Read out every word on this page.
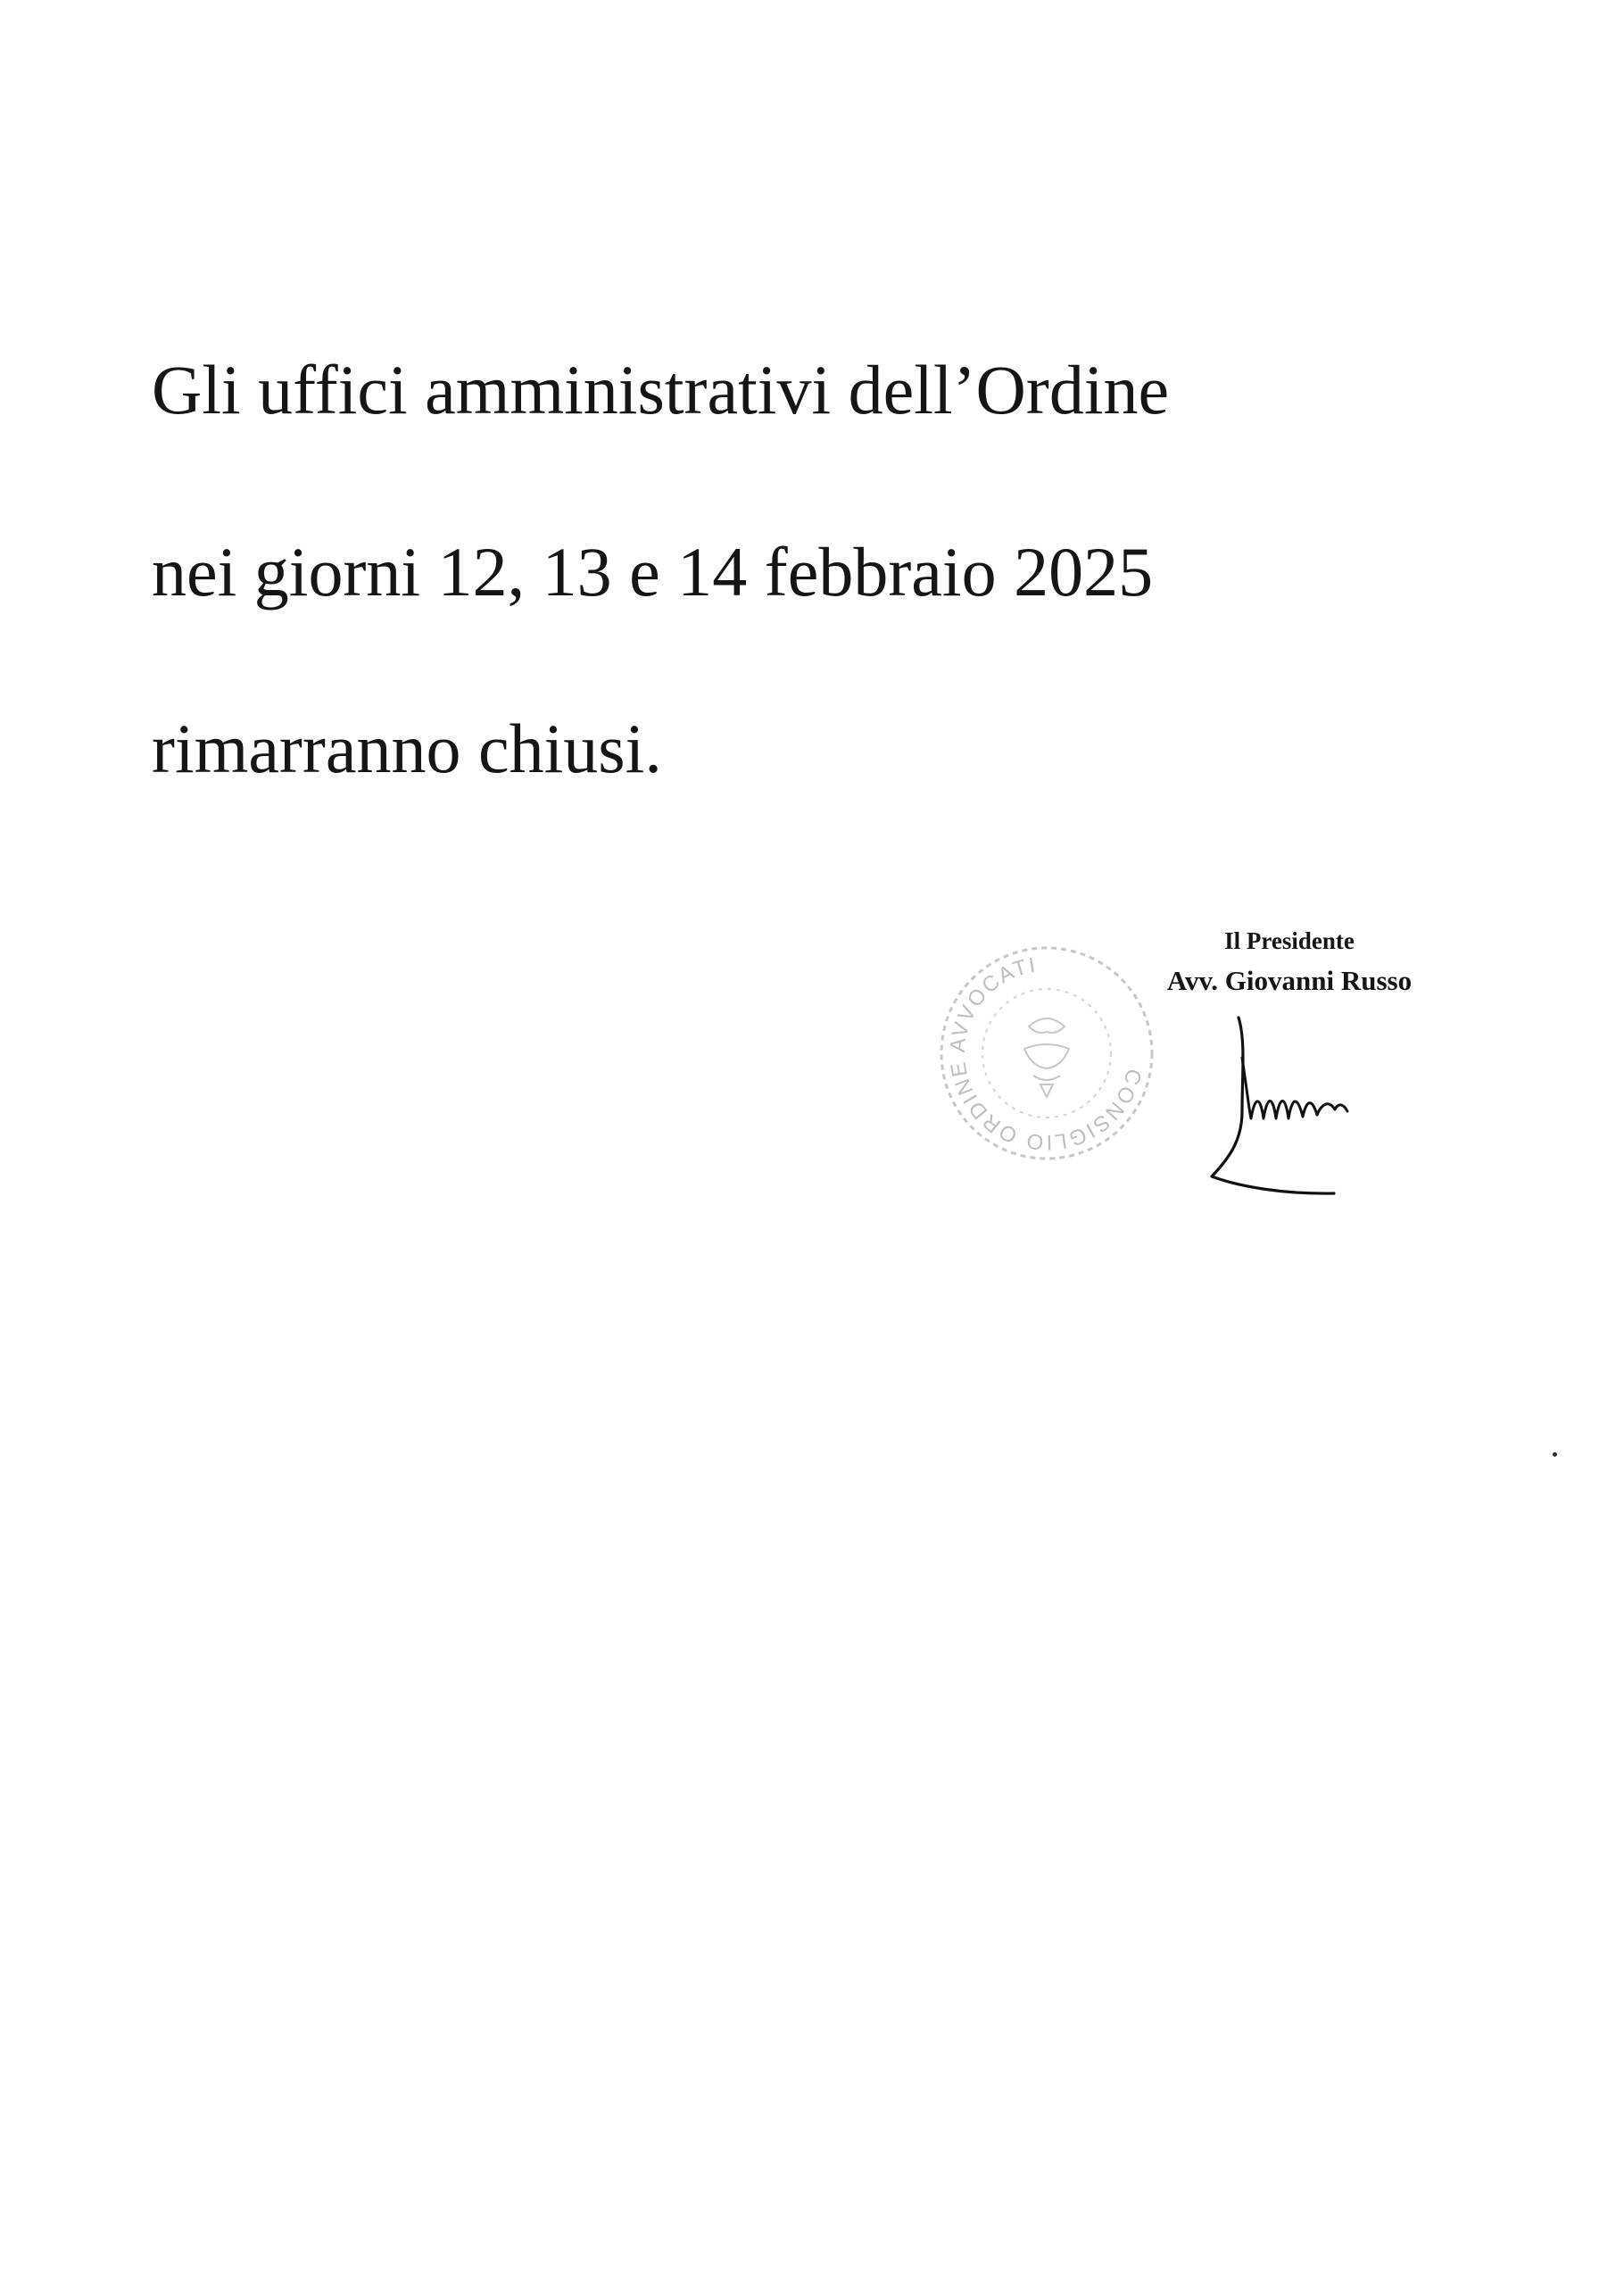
Gli uffici amministrativi dell’Ordine
nei giorni 12, 13 e 14 febbraio 2025
rimarranno chiusi.
CONSIGLIO ORDINE AVVOCATI
Il Presidente
Avv. Giovanni Russo
